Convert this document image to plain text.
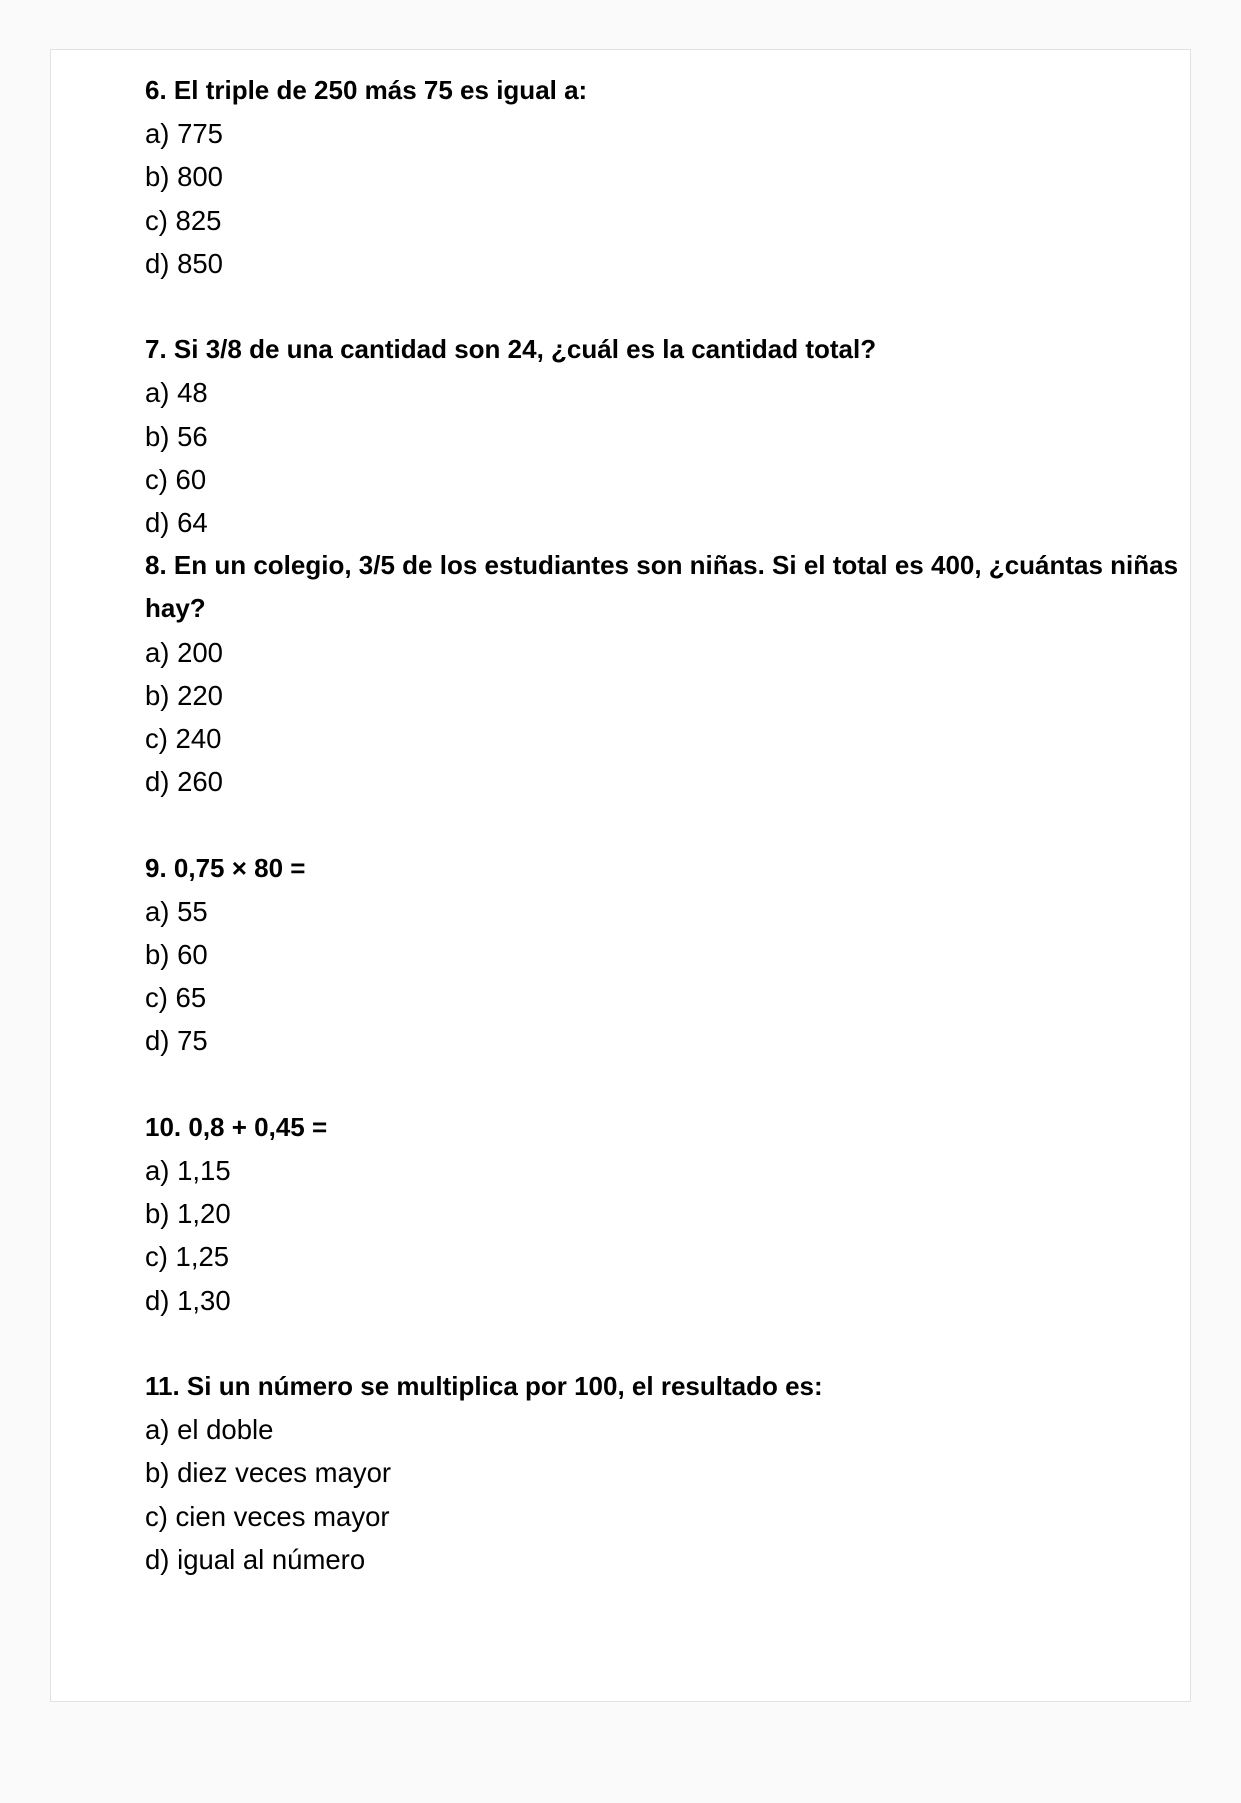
6. El triple de 250 más 75 es igual a:

a) 775

b) 800

c) 825

d) 850

7. Si 3/8 de una cantidad son 24, ¿cuál es la cantidad total?

a) 48

b) 56

c) 60

d) 64

8. En un colegio, 3/5 de los estudiantes son niñas. Si el total es 400, ¿cuántas niñas hay?

a) 200

b) 220

c) 240

d) 260

9. 0,75 × 80 =

a) 55

b) 60

c) 65

d) 75

10. 0,8 + 0,45 =

a) 1,15

b) 1,20

c) 1,25

d) 1,30

11. Si un número se multiplica por 100, el resultado es:

a) el doble

b) diez veces mayor

c) cien veces mayor

d) igual al número
